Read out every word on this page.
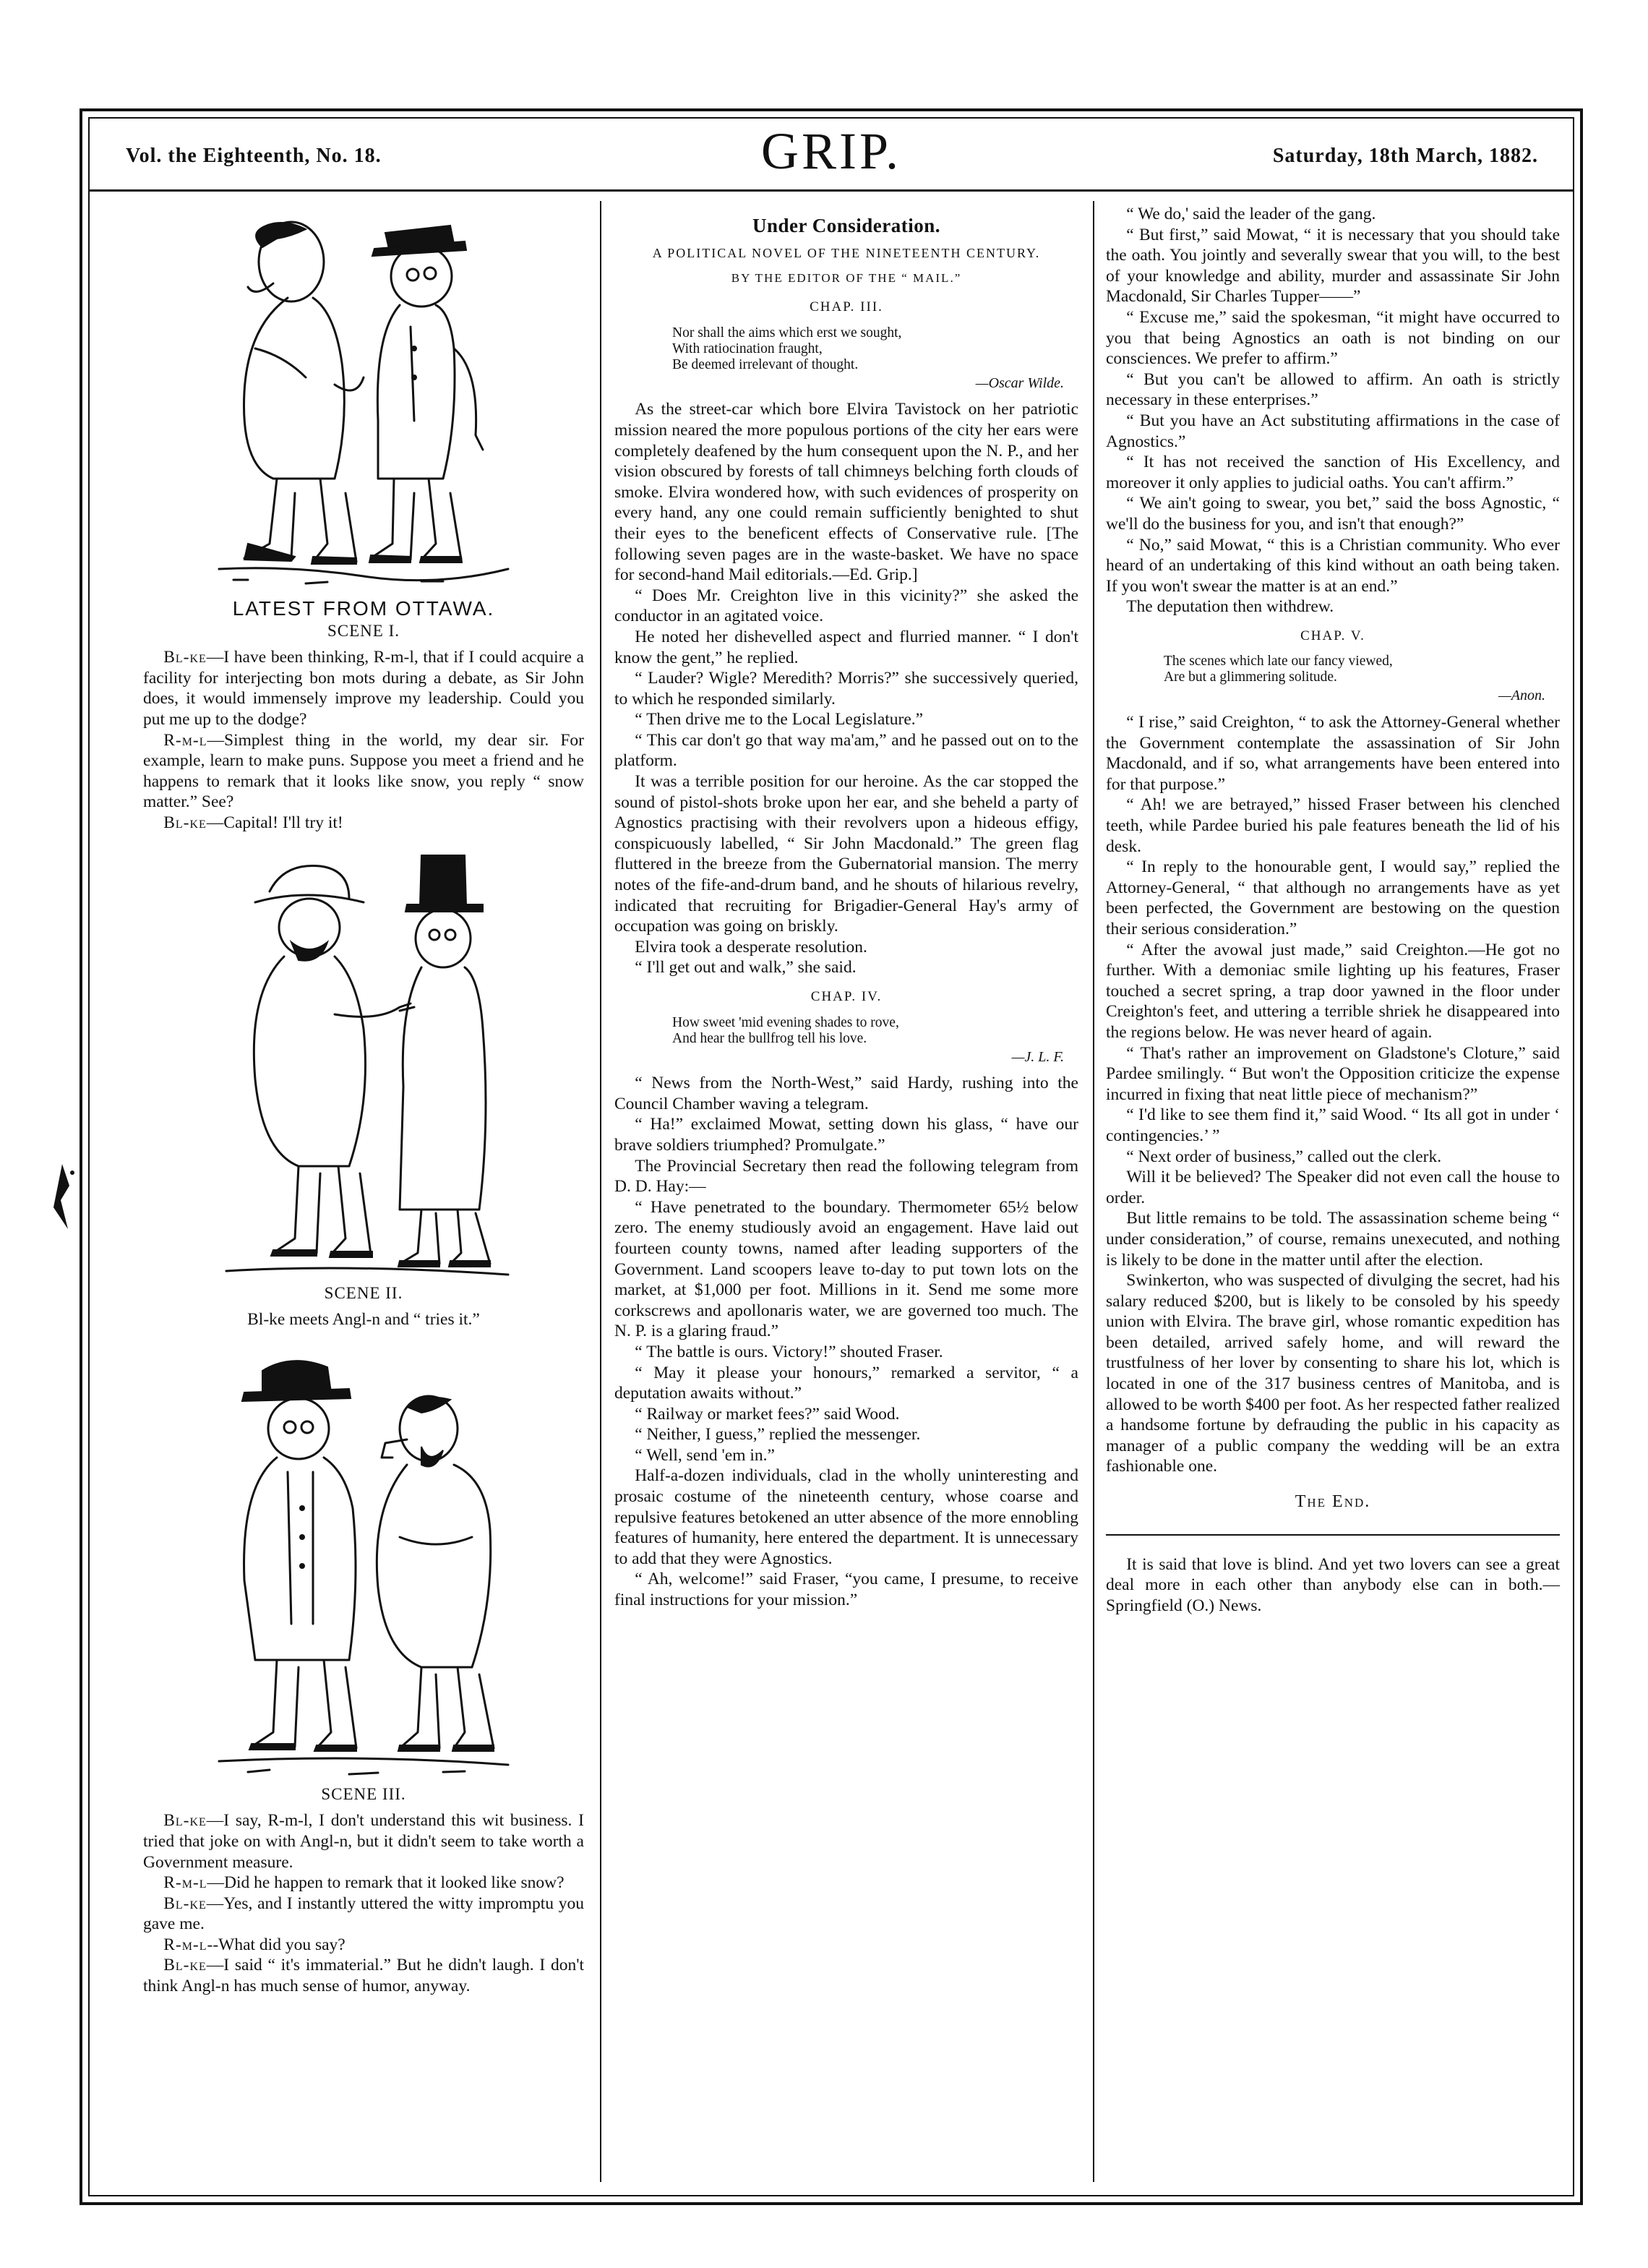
Vol. the Eighteenth, No. 18.	GRIP.	Saturday, 18th March, 1882.
LATEST FROM OTTAWA.
SCENE I.

Bl-ke—I have been thinking, R-m-l, that if I could acquire a facility for interjecting bon mots during a debate, as Sir John does, it would immensely improve my leadership. Could you put me up to the dodge?

R-m-l—Simplest thing in the world, my dear sir. For example, learn to make puns. Suppose you meet a friend and he happens to remark that it looks like snow, you reply “ snow matter.” See?

Bl-ke—Capital! I'll try it!

SCENE II.

Bl-ke meets Angl-n and “ tries it.”

SCENE III.

Bl-ke—I say, R-m-l, I don't understand this wit business. I tried that joke on with Angl-n, but it didn't seem to take worth a Government measure.

R-m-l—Did he happen to remark that it looked like snow?

Bl-ke—Yes, and I instantly uttered the witty impromptu you gave me.

R-m-l--What did you say?

Bl-ke—I said “ it's immaterial.” But he didn't laugh. I don't think Angl-n has much sense of humor, anyway.

Under Consideration.
A POLITICAL NOVEL OF THE NINETEENTH CENTURY.
BY THE EDITOR OF THE “ MAIL.”
CHAP. III.
Nor shall the aims which erst we sought,
With ratiocination fraught,
Be deemed irrelevant of thought.
—Oscar Wilde.

As the street-car which bore Elvira Tavistock on her patriotic mission neared the more populous portions of the city her ears were completely deafened by the hum consequent upon the N. P., and her vision obscured by forests of tall chimneys belching forth clouds of smoke. Elvira wondered how, with such evidences of prosperity on every hand, any one could remain sufficiently benighted to shut their eyes to the beneficent effects of Conservative rule. [The following seven pages are in the waste-basket. We have no space for second-hand Mail editorials.—Ed. Grip.]

“ Does Mr. Creighton live in this vicinity?” she asked the conductor in an agitated voice.

He noted her dishevelled aspect and flurried manner. “ I don't know the gent,” he replied.

“ Lauder? Wigle? Meredith? Morris?” she successively queried, to which he responded similarly.

“ Then drive me to the Local Legislature.”

“ This car don't go that way ma'am,” and he passed out on to the platform.

It was a terrible position for our heroine. As the car stopped the sound of pistol-shots broke upon her ear, and she beheld a party of Agnostics practising with their revolvers upon a hideous effigy, conspicuously labelled, “ Sir John Macdonald.” The green flag fluttered in the breeze from the Gubernatorial mansion. The merry notes of the fife-and-drum band, and he shouts of hilarious revelry, indicated that recruiting for Brigadier-General Hay's army of occupation was going on briskly.

Elvira took a desperate resolution.

“ I'll get out and walk,” she said.

CHAP. IV.
How sweet 'mid evening shades to rove,
And hear the bullfrog tell his love.
—J. L. F.

“ News from the North-West,” said Hardy, rushing into the Council Chamber waving a telegram.

“ Ha!” exclaimed Mowat, setting down his glass, “ have our brave soldiers triumphed? Promulgate.”

The Provincial Secretary then read the following telegram from D. D. Hay:—

“ Have penetrated to the boundary. Thermometer 65½ below zero. The enemy studiously avoid an engagement. Have laid out fourteen county towns, named after leading supporters of the Government. Land scoopers leave to-day to put town lots on the market, at $1,000 per foot. Millions in it. Send me some more corkscrews and apollonaris water, we are governed too much. The N. P. is a glaring fraud.”

“ The battle is ours. Victory!” shouted Fraser.

“ May it please your honours,” remarked a servitor, “ a deputation awaits without.”

“ Railway or market fees?” said Wood.

“ Neither, I guess,” replied the messenger.

“ Well, send 'em in.”

Half-a-dozen individuals, clad in the wholly uninteresting and prosaic costume of the nineteenth century, whose coarse and repulsive features betokened an utter absence of the more ennobling features of humanity, here entered the department. It is unnecessary to add that they were Agnostics.

“ Ah, welcome!” said Fraser, “you came, I presume, to receive final instructions for your mission.”

“ We do,' said the leader of the gang.

“ But first,” said Mowat, “ it is necessary that you should take the oath. You jointly and severally swear that you will, to the best of your knowledge and ability, murder and assassinate Sir John Macdonald, Sir Charles Tupper——”

“ Excuse me,” said the spokesman, “it might have occurred to you that being Agnostics an oath is not binding on our consciences. We prefer to affirm.”

“ But you can't be allowed to affirm. An oath is strictly necessary in these enterprises.”

“ But you have an Act substituting affirmations in the case of Agnostics.”

“ It has not received the sanction of His Excellency, and moreover it only applies to judicial oaths. You can't affirm.”

“ We ain't going to swear, you bet,” said the boss Agnostic, “ we'll do the business for you, and isn't that enough?”

“ No,” said Mowat, “ this is a Christian community. Who ever heard of an undertaking of this kind without an oath being taken. If you won't swear the matter is at an end.”

The deputation then withdrew.

CHAP. V.
The scenes which late our fancy viewed,
Are but a glimmering solitude.
—Anon.

“ I rise,” said Creighton, “ to ask the Attorney-General whether the Government contemplate the assassination of Sir John Macdonald, and if so, what arrangements have been entered into for that purpose.”

“ Ah! we are betrayed,” hissed Fraser between his clenched teeth, while Pardee buried his pale features beneath the lid of his desk.

“ In reply to the honourable gent, I would say,” replied the Attorney-General, “ that although no arrangements have as yet been perfected, the Government are bestowing on the question their serious consideration.”

“ After the avowal just made,” said Creighton.—He got no further. With a demoniac smile lighting up his features, Fraser touched a secret spring, a trap door yawned in the floor under Creighton's feet, and uttering a terrible shriek he disappeared into the regions below. He was never heard of again.

“ That's rather an improvement on Gladstone's Cloture,” said Pardee smilingly. “ But won't the Opposition criticize the expense incurred in fixing that neat little piece of mechanism?”

“ I'd like to see them find it,” said Wood. “ Its all got in under ‘ contingencies.’ ”

“ Next order of business,” called out the clerk.

Will it be believed? The Speaker did not even call the house to order.

But little remains to be told. The assassination scheme being “ under consideration,” of course, remains unexecuted, and nothing is likely to be done in the matter until after the election.

Swinkerton, who was suspected of divulging the secret, had his salary reduced $200, but is likely to be consoled by his speedy union with Elvira. The brave girl, whose romantic expedition has been detailed, arrived safely home, and will reward the trustfulness of her lover by consenting to share his lot, which is located in one of the 317 business centres of Manitoba, and is allowed to be worth $400 per foot. As her respected father realized a handsome fortune by defrauding the public in his capacity as manager of a public company the wedding will be an extra fashionable one.

The End.

It is said that love is blind. And yet two lovers can see a great deal more in each other than anybody else can in both.—Springfield (O.) News.
